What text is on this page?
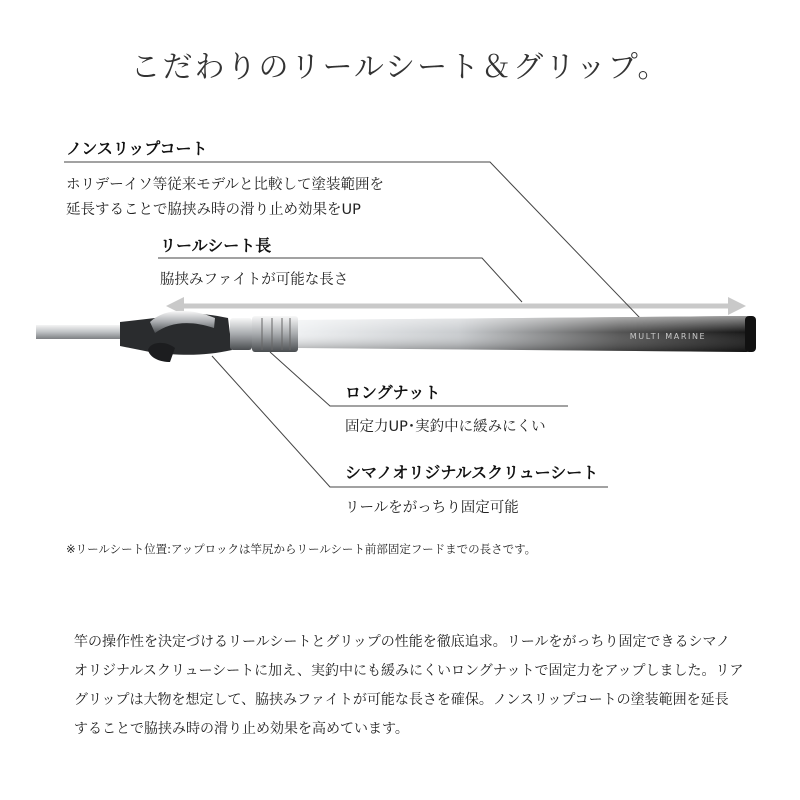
こだわりのリールシート＆グリップ。
MULTI MARINE
ノンスリップコート
ホリデーイソ等従来モデルと比較して塗装範囲を
延長することで脇挟み時の滑り止め効果をUP
リールシート長
脇挟みファイトが可能な長さ
ロングナット
固定力UP･実釣中に緩みにくい
シマノオリジナルスクリューシート
リールをがっちり固定可能
※リールシート位置:アップロックは竿尻からリールシート前部固定フードまでの長さです。
竿の操作性を決定づけるリールシートとグリップの性能を徹底追求。リールをがっちり固定できるシマノ
オリジナルスクリューシートに加え、実釣中にも緩みにくいロングナットで固定力をアップしました。リア
グリップは大物を想定して、脇挟みファイトが可能な長さを確保。ノンスリップコートの塗装範囲を延長
することで脇挟み時の滑り止め効果を高めています。
